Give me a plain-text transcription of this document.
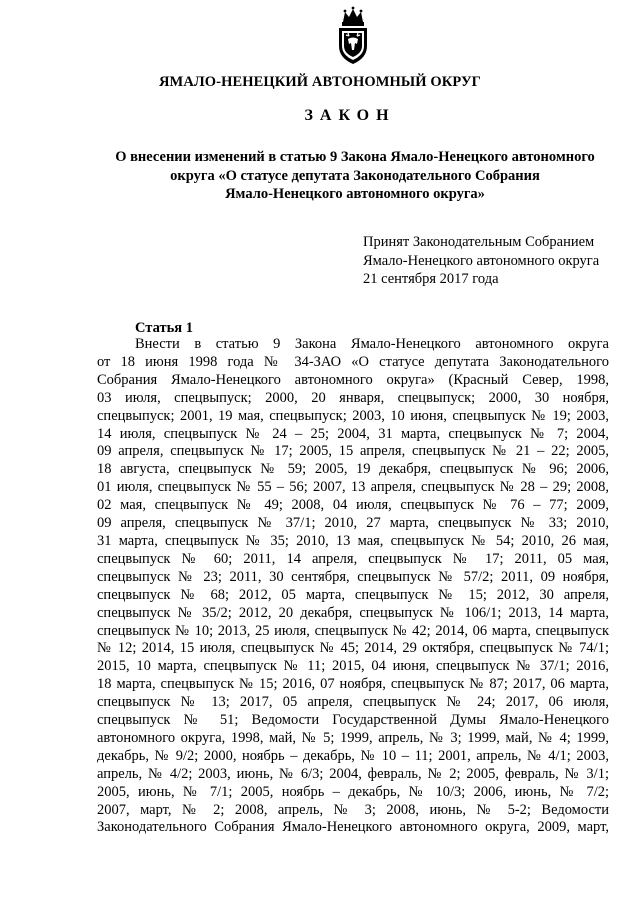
ЯМАЛО-НЕНЕЦКИЙ АВТОНОМНЫЙ ОКРУГ
ЗАКОН
О внесении изменений в статью 9 Закона Ямало-Ненецкого автономного
округа «О статусе депутата Законодательного Собрания
Ямало-Ненецкого автономного округа»
Принят Законодательным Собранием
Ямало-Ненецкого автономного округа
21 сентября 2017 года
Статья 1
Внести в статью 9 Закона Ямало-Ненецкого автономного округа
от 18 июня 1998 года № 34-ЗАО «О статусе депутата Законодательного
Собрания Ямало-Ненецкого автономного округа» (Красный Север, 1998,
03 июля, спецвыпуск; 2000, 20 января, спецвыпуск; 2000, 30 ноября,
спецвыпуск; 2001, 19 мая, спецвыпуск; 2003, 10 июня, спецвыпуск № 19; 2003,
14 июля, спецвыпуск № 24 – 25; 2004, 31 марта, спецвыпуск № 7; 2004,
09 апреля, спецвыпуск № 17; 2005, 15 апреля, спецвыпуск № 21 – 22; 2005,
18 августа, спецвыпуск № 59; 2005, 19 декабря, спецвыпуск № 96; 2006,
01 июля, спецвыпуск № 55 – 56; 2007, 13 апреля, спецвыпуск № 28 – 29; 2008,
02 мая, спецвыпуск № 49; 2008, 04 июля, спецвыпуск № 76 – 77; 2009,
09 апреля, спецвыпуск № 37/1; 2010, 27 марта, спецвыпуск № 33; 2010,
31 марта, спецвыпуск № 35; 2010, 13 мая, спецвыпуск № 54; 2010, 26 мая,
спецвыпуск № 60; 2011, 14 апреля, спецвыпуск № 17; 2011, 05 мая,
спецвыпуск № 23; 2011, 30 сентября, спецвыпуск № 57/2; 2011, 09 ноября,
спецвыпуск № 68; 2012, 05 марта, спецвыпуск № 15; 2012, 30 апреля,
спецвыпуск № 35/2; 2012, 20 декабря, спецвыпуск № 106/1; 2013, 14 марта,
спецвыпуск № 10; 2013, 25 июля, спецвыпуск № 42; 2014, 06 марта, спецвыпуск
№ 12; 2014, 15 июля, спецвыпуск № 45; 2014, 29 октября, спецвыпуск № 74/1;
2015, 10 марта, спецвыпуск № 11; 2015, 04 июня, спецвыпуск № 37/1; 2016,
18 марта, спецвыпуск № 15; 2016, 07 ноября, спецвыпуск № 87; 2017, 06 марта,
спецвыпуск № 13; 2017, 05 апреля, спецвыпуск № 24; 2017, 06 июля,
спецвыпуск № 51; Ведомости Государственной Думы Ямало-Ненецкого
автономного округа, 1998, май, № 5; 1999, апрель, № 3; 1999, май, № 4; 1999,
декабрь, № 9/2; 2000, ноябрь – декабрь, № 10 – 11; 2001, апрель, № 4/1; 2003,
апрель, № 4/2; 2003, июнь, № 6/3; 2004, февраль, № 2; 2005, февраль, № 3/1;
2005, июнь, № 7/1; 2005, ноябрь – декабрь, № 10/3; 2006, июнь, № 7/2;
2007, март, № 2; 2008, апрель, № 3; 2008, июнь, № 5-2; Ведомости
Законодательного Собрания Ямало-Ненецкого автономного округа, 2009, март,
